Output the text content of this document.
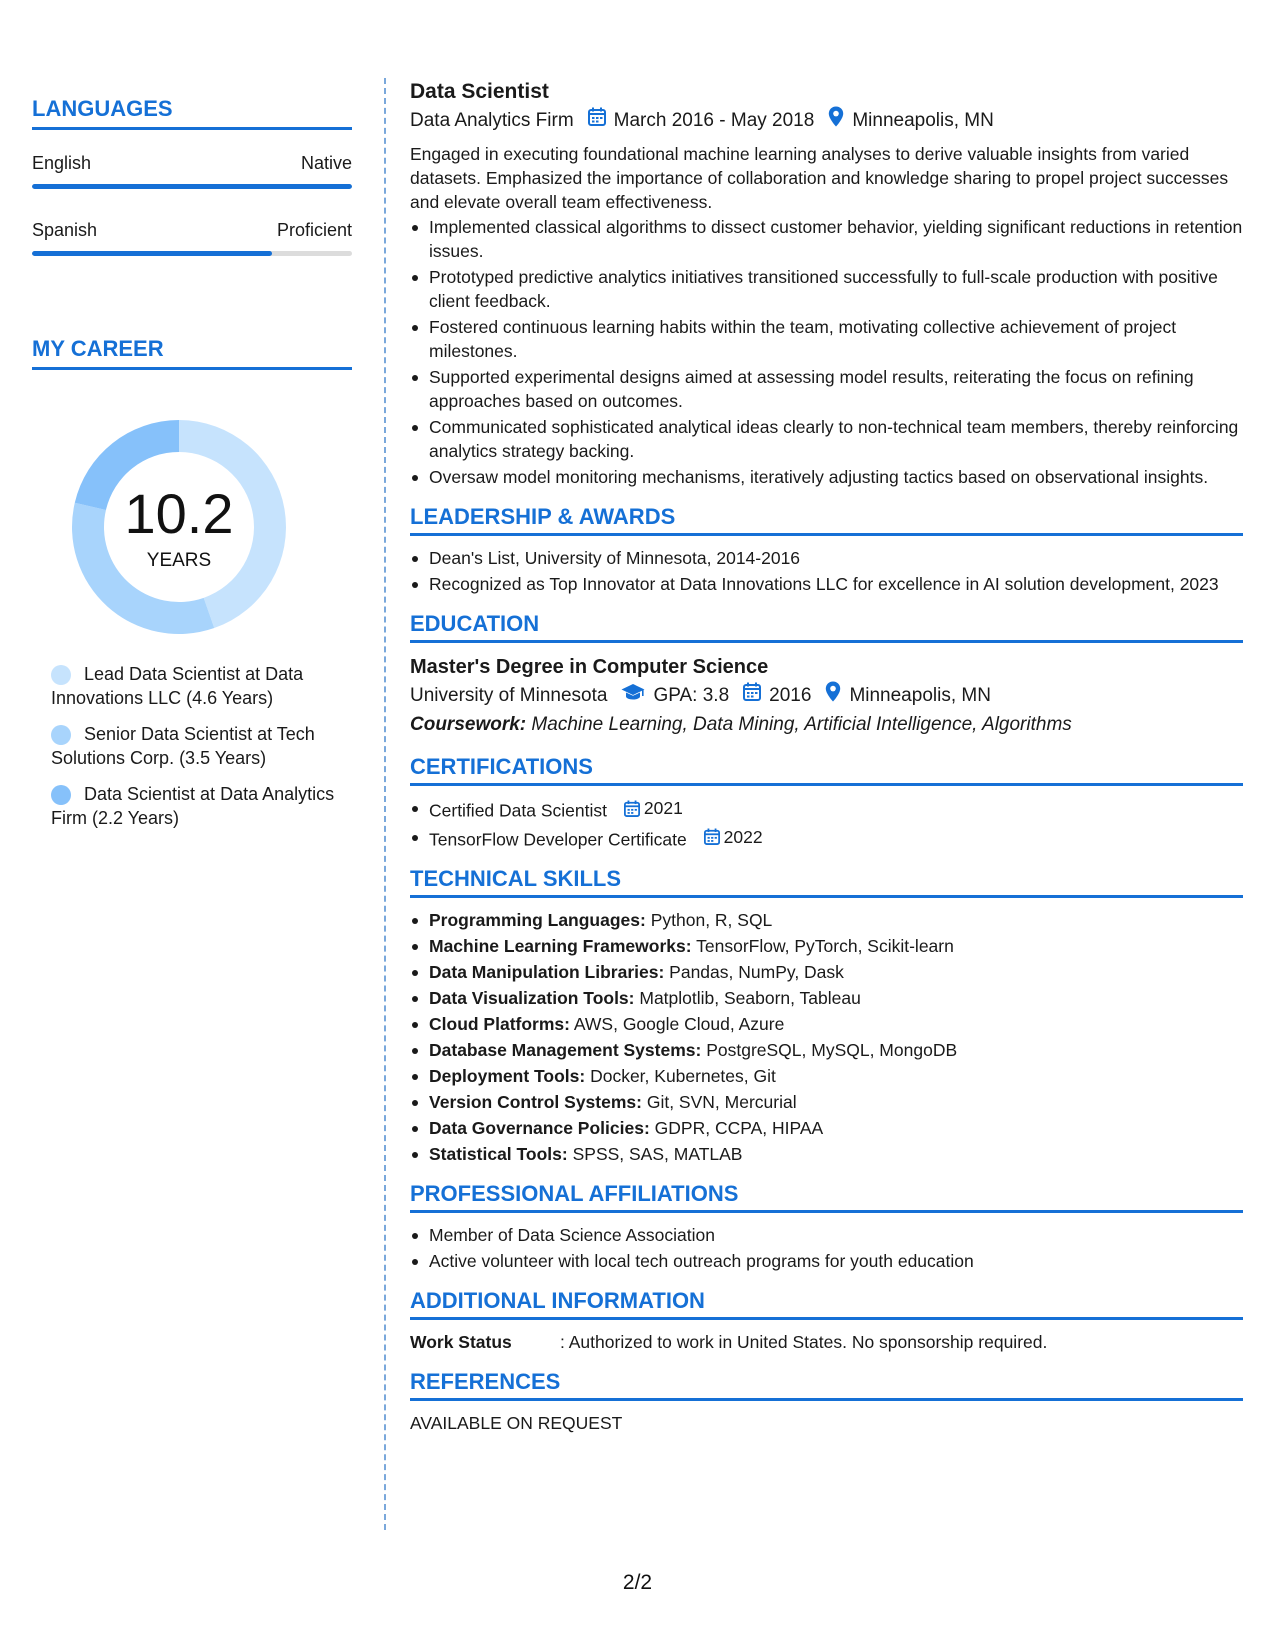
LANGUAGES
English	Native
Spanish	Proficient
MY CAREER
10.2
YEARS
Lead Data Scientist at Data Innovations LLC (4.6 Years)
Senior Data Scientist at Tech Solutions Corp. (3.5 Years)
Data Scientist at Data Analytics Firm (2.2 Years)
Data Scientist
Data Analytics Firm March 2016 - May 2018 Minneapolis, MN
Engaged in executing foundational machine learning analyses to derive valuable insights from varied datasets. Emphasized the importance of collaboration and knowledge sharing to propel project successes and elevate overall team effectiveness.
Implemented classical algorithms to dissect customer behavior, yielding significant reductions in retention issues.
Prototyped predictive analytics initiatives transitioned successfully to full-scale production with positive client feedback.
Fostered continuous learning habits within the team, motivating collective achievement of project milestones.
Supported experimental designs aimed at assessing model results, reiterating the focus on refining approaches based on outcomes.
Communicated sophisticated analytical ideas clearly to non-technical team members, thereby reinforcing analytics strategy backing.
Oversaw model monitoring mechanisms, iteratively adjusting tactics based on observational insights.
LEADERSHIP & AWARDS
Dean's List, University of Minnesota, 2014-2016
Recognized as Top Innovator at Data Innovations LLC for excellence in AI solution development, 2023
EDUCATION
Master's Degree in Computer Science
University of Minnesota GPA: 3.8 2016 Minneapolis, MN
Coursework: Machine Learning, Data Mining, Artificial Intelligence, Algorithms
CERTIFICATIONS
Certified Data Scientist 2021
TensorFlow Developer Certificate 2022
TECHNICAL SKILLS
Programming Languages: Python, R, SQL
Machine Learning Frameworks: TensorFlow, PyTorch, Scikit-learn
Data Manipulation Libraries: Pandas, NumPy, Dask
Data Visualization Tools: Matplotlib, Seaborn, Tableau
Cloud Platforms: AWS, Google Cloud, Azure
Database Management Systems: PostgreSQL, MySQL, MongoDB
Deployment Tools: Docker, Kubernetes, Git
Version Control Systems: Git, SVN, Mercurial
Data Governance Policies: GDPR, CCPA, HIPAA
Statistical Tools: SPSS, SAS, MATLAB
PROFESSIONAL AFFILIATIONS
Member of Data Science Association
Active volunteer with local tech outreach programs for youth education
ADDITIONAL INFORMATION
Work Status	: Authorized to work in United States. No sponsorship required.
REFERENCES
AVAILABLE ON REQUEST
2/2
